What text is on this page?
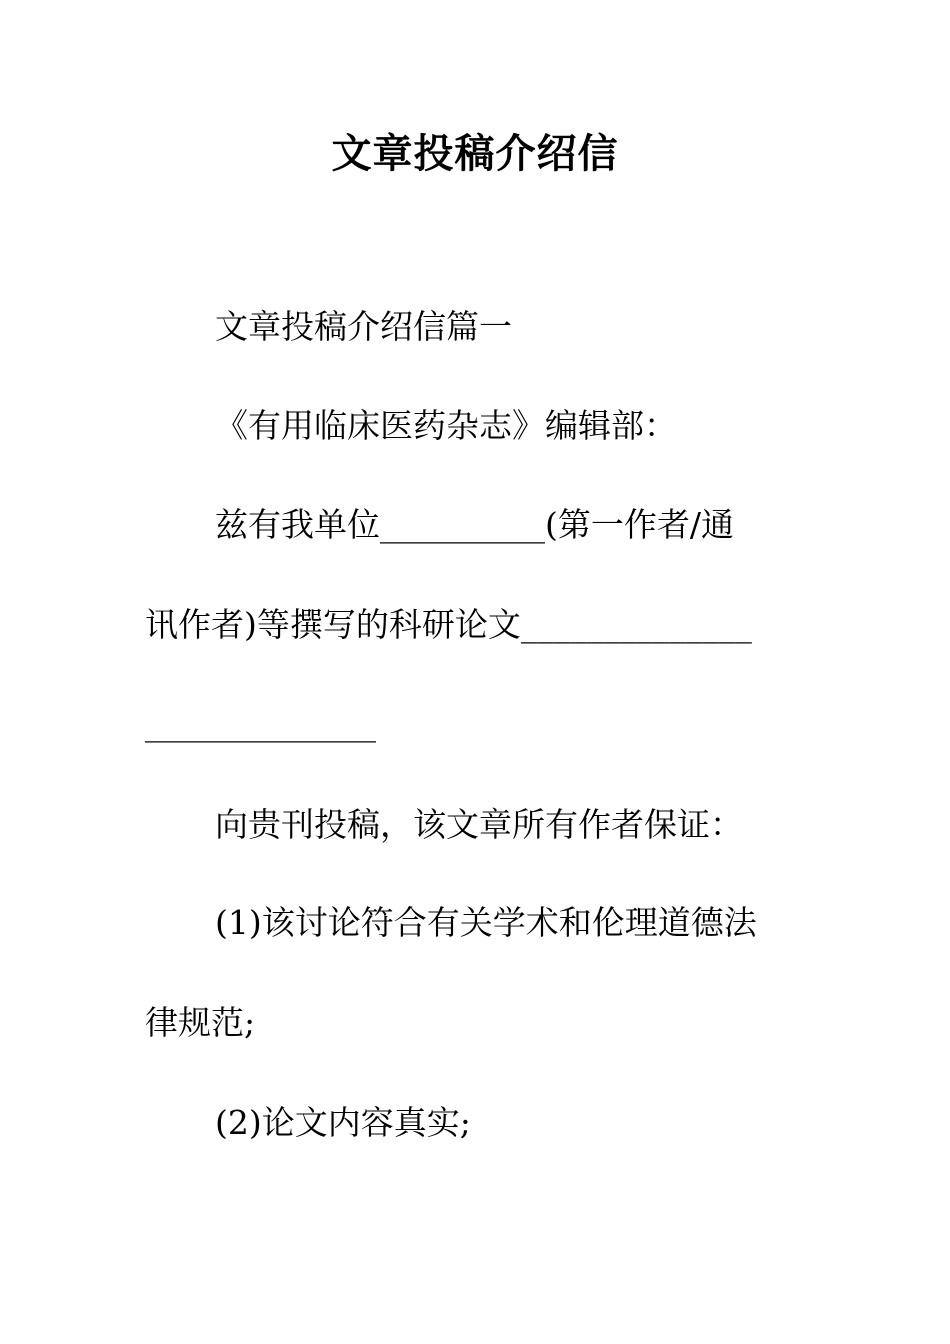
文章投稿介绍信
文章投稿介绍信篇一
《有用临床医药杂志》编辑部：
兹有我单位__________(第一作者/通
讯作者)等撰写的科研论文______________
______________
向贵刊投稿，该文章所有作者保证：
(1)该讨论符合有关学术和伦理道德法
律规范;
(2)论文内容真实;
